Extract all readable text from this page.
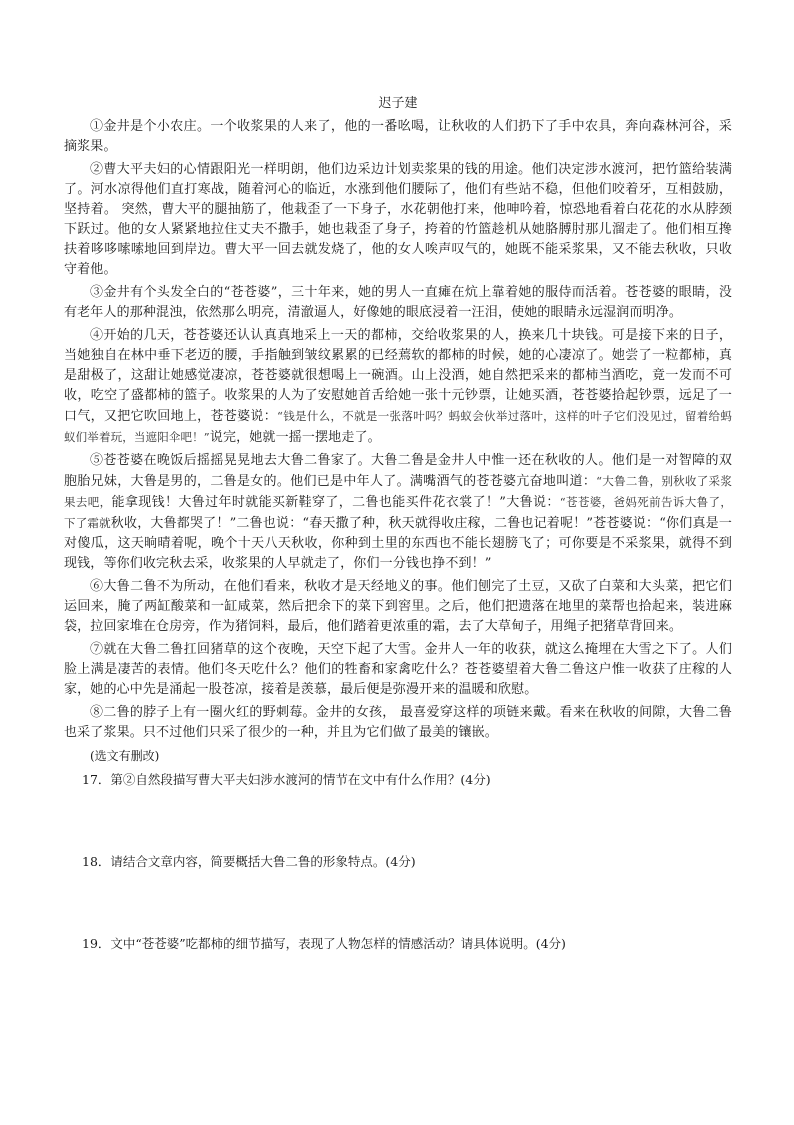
迟子建

①金井是个小农庄。一个收浆果的人来了，他的一番吆喝，让秋收的人们扔下了手中农具，奔向森林河谷，采摘浆果。

②曹大平夫妇的心情跟阳光一样明朗，他们边采边计划卖浆果的钱的用途。他们决定涉水渡河，把竹篮给装满了。河水凉得他们直打寒战，随着河心的临近，水涨到他们腰际了，他们有些站不稳，但他们咬着牙，互相鼓励，坚持着。 突然，曹大平的腿抽筋了，他栽歪了一下身子，水花朝他打来，他呻吟着，惊恐地看着白花花的水从脖颈下跃过。他的女人紧紧地拉住丈夫不撒手，她也栽歪了身子，挎着的竹篮趁机从她胳膊肘那儿溜走了。他们相互搀扶着哆哆嗦嗦地回到岸边。曹大平一回去就发烧了，他的女人唉声叹气的，她既不能采浆果，又不能去秋收，只收守着他。

③金井有个头发全白的“苍苍婆”，三十年来，她的男人一直瘫在炕上靠着她的服侍而活着。苍苍婆的眼睛，没有老年人的那种混浊，依然那么明亮，清澈逼人，好像她的眼底浸着一汪泪，使她的眼睛永远湿润而明净。

④开始的几天，苍苍婆还认认真真地采上一天的都柿，交给收浆果的人，换来几十块钱。可是接下来的日子，当她独自在林中垂下老迈的腰，手指触到皱纹累累的已经蔫软的都柿的时候，她的心凄凉了。她尝了一粒都柿，真是甜极了，这甜让她感觉凄凉，苍苍婆就很想喝上一碗酒。山上没酒，她自然把采来的都柿当酒吃，竟一发而不可收，吃空了盛都柿的篮子。收浆果的人为了安慰她首舌给她一张十元钞票，让她买酒，苍苍婆拾起钞票，远足了一口气，又把它吹回地上，苍苍婆说：“钱是什么，不就是一张落叶吗？蚂蚁会伙举过落叶，这样的叶子它们没见过，留着给蚂蚁们举着玩，当遮阳伞吧！”说完，她就一摇一摆地走了。

⑤苍苍婆在晚饭后摇摇晃晃地去大鲁二鲁家了。大鲁二鲁是金井人中惟一还在秋收的人。他们是一对智障的双胞胎兄妹，大鲁是男的，二鲁是女的。他们已是中年人了。满嘴酒气的苍苍婆亢奋地叫道：“大鲁二鲁，别秋收了采浆果去吧，能拿现钱！大鲁过年时就能买新鞋穿了，二鲁也能买件花衣裳了！”大鲁说：“苍苍婆，爸妈死前告诉大鲁了，下了霜就秋收，大鲁都哭了！”二鲁也说：“春天撒了种，秋天就得收庄稼，二鲁也记着呢！”苍苍婆说：“你们真是一对傻瓜，这天晌晴着呢，晚个十天八天秋收，你种到土里的东西也不能长翅膀飞了；可你要是不采浆果，就得不到现钱，等你们收完秋去采，收浆果的人早就走了，你们一分钱也挣不到！”

⑥大鲁二鲁不为所动，在他们看来，秋收才是天经地义的事。他们刨完了土豆，又砍了白菜和大头菜，把它们运回来，腌了两缸酸菜和一缸咸菜，然后把余下的菜下到窖里。之后，他们把遗落在地里的菜帮也拾起来，装进麻袋，拉回家堆在仓房旁，作为猪饲料，最后，他们踏着更浓重的霜，去了大草甸子，用绳子把猪草背回来。

⑦就在大鲁二鲁扛回猪草的这个夜晚，天空下起了大雪。金井人一年的收获，就这么掩埋在大雪之下了。人们脸上满是凄苦的表情。他们冬天吃什么？他们的牲畜和家禽吃什么？苍苍婆望着大鲁二鲁这户惟一收获了庄稼的人家，她的心中先是涌起一股苍凉，接着是羡慕，最后便是弥漫开来的温暖和欣慰。

⑧二鲁的脖子上有一圈火红的野刺莓。金井的女孩， 最喜爱穿这样的项链来戴。看来在秋收的间隙，大鲁二鲁也采了浆果。只不过他们只采了很少的一种，并且为它们做了最美的镶嵌。

(选文有删改)

17．第②自然段描写曹大平夫妇涉水渡河的情节在文中有什么作用？(4分)

18．请结合文章内容，简要概括大鲁二鲁的形象特点。(4分)

19．文中“苍苍婆”吃都柿的细节描写，表现了人物怎样的情感活动？请具体说明。(4分)
